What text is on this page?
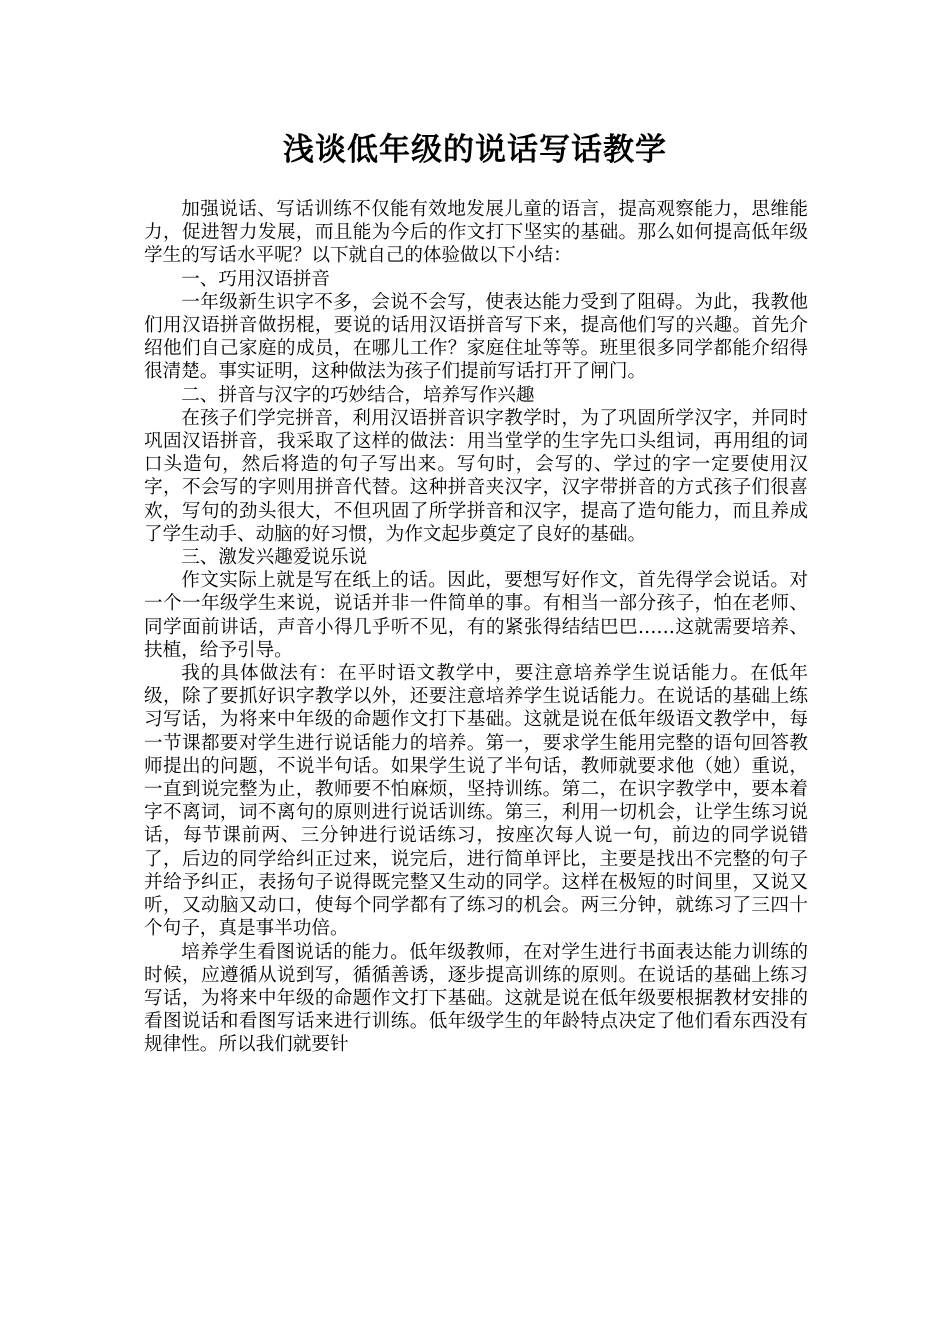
浅谈低年级的说话写话教学

加强说话、写话训练不仅能有效地发展儿童的语言，提高观察能力，思维能力，促进智力发展，而且能为今后的作文打下坚实的基础。那么如何提高低年级学生的写话水平呢？以下就自己的体验做以下小结：

一、巧用汉语拼音

一年级新生识字不多，会说不会写，使表达能力受到了阻碍。为此，我教他们用汉语拼音做拐棍，要说的话用汉语拼音写下来，提高他们写的兴趣。首先介绍他们自己家庭的成员，在哪儿工作？家庭住址等等。班里很多同学都能介绍得很清楚。事实证明，这种做法为孩子们提前写话打开了闸门。

二、拼音与汉字的巧妙结合，培养写作兴趣

在孩子们学完拼音，利用汉语拼音识字教学时，为了巩固所学汉字，并同时巩固汉语拼音，我采取了这样的做法：用当堂学的生字先口头组词，再用组的词口头造句，然后将造的句子写出来。写句时，会写的、学过的字一定要使用汉字，不会写的字则用拼音代替。这种拼音夹汉字，汉字带拼音的方式孩子们很喜欢，写句的劲头很大，不但巩固了所学拼音和汉字，提高了造句能力，而且养成了学生动手、动脑的好习惯，为作文起步奠定了良好的基础。

三、激发兴趣爱说乐说

作文实际上就是写在纸上的话。因此，要想写好作文，首先得学会说话。对一个一年级学生来说，说话并非一件简单的事。有相当一部分孩子，怕在老师、同学面前讲话，声音小得几乎听不见，有的紧张得结结巴巴……这就需要培养、扶植，给予引导。

我的具体做法有：在平时语文教学中，要注意培养学生说话能力。在低年级，除了要抓好识字教学以外，还要注意培养学生说话能力。在说话的基础上练习写话，为将来中年级的命题作文打下基础。这就是说在低年级语文教学中，每一节课都要对学生进行说话能力的培养。第一，要求学生能用完整的语句回答教师提出的问题，不说半句话。如果学生说了半句话，教师就要求他（她）重说，一直到说完整为止，教师要不怕麻烦，坚持训练。第二，在识字教学中，要本着字不离词，词不离句的原则进行说话训练。第三，利用一切机会，让学生练习说话，每节课前两、三分钟进行说话练习，按座次每人说一句，前边的同学说错了，后边的同学给纠正过来，说完后，进行简单评比，主要是找出不完整的句子并给予纠正，表扬句子说得既完整又生动的同学。这样在极短的时间里，又说又听，又动脑又动口，使每个同学都有了练习的机会。两三分钟，就练习了三四十个句子，真是事半功倍。

培养学生看图说话的能力。低年级教师，在对学生进行书面表达能力训练的时候，应遵循从说到写，循循善诱，逐步提高训练的原则。在说话的基础上练习写话，为将来中年级的命题作文打下基础。这就是说在低年级要根据教材安排的看图说话和看图写话来进行训练。低年级学生的年龄特点决定了他们看东西没有规律性。所以我们就要针
